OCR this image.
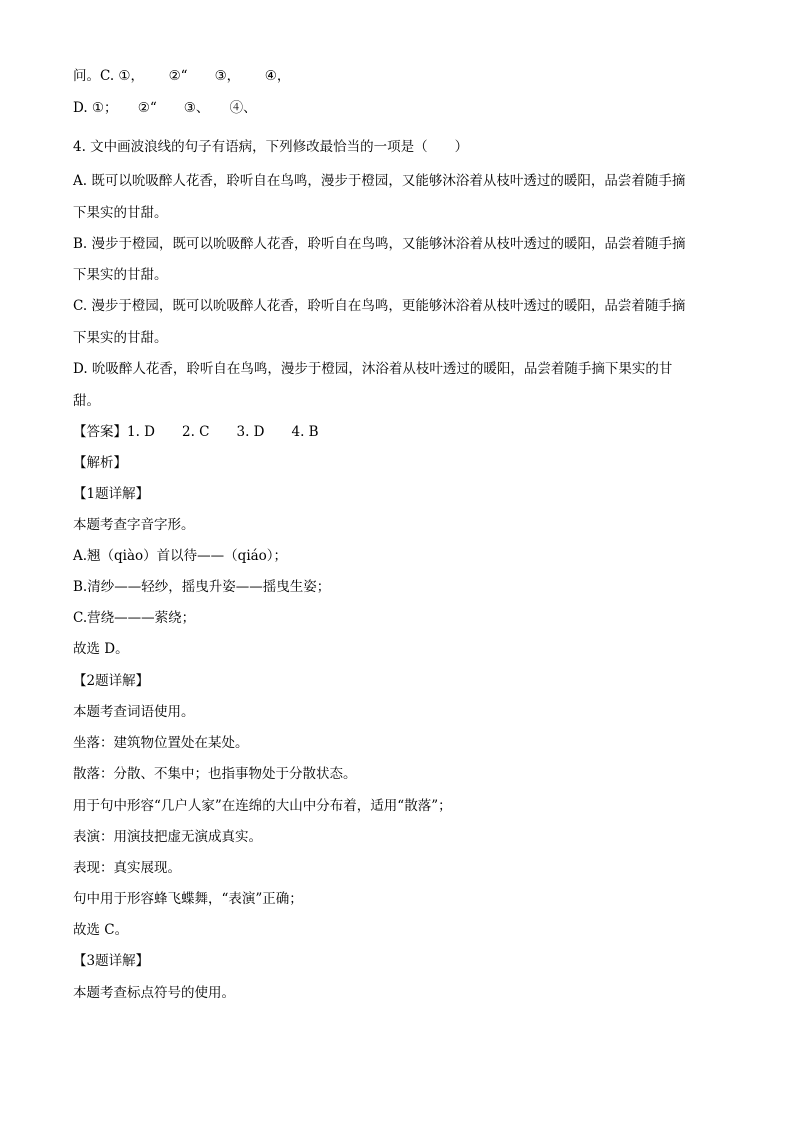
问。C. ①，　　 ②“　　③，　　 ④，
D. ①；　　②“　　③、　　④、
4. 文中画波浪线的句子有语病，下列修改最恰当的一项是（　　）
A. 既可以吮吸醉人花香，聆听自在鸟鸣，漫步于橙园，又能够沐浴着从枝叶透过的暖阳，品尝着随手摘
下果实的甘甜。
B. 漫步于橙园，既可以吮吸醉人花香，聆听自在鸟鸣，又能够沐浴着从枝叶透过的暖阳，品尝着随手摘
下果实的甘甜。
C. 漫步于橙园，既可以吮吸醉人花香，聆听自在鸟鸣，更能够沐浴着从枝叶透过的暖阳，品尝着随手摘
下果实的甘甜。
D. 吮吸醉人花香，聆听自在鸟鸣，漫步于橙园，沐浴着从枝叶透过的暖阳，品尝着随手摘下果实的甘
甜。
【答案】1. D　　2. C　　3. D　　4. B
【解析】
【1题详解】
本题考查字音字形。
A.翘（qiào）首以待——（qiáo）；
B.清纱——轻纱，摇曳升姿——摇曳生姿；
C.营绕———萦绕；
故选 D。
【2题详解】
本题考查词语使用。
坐落：建筑物位置处在某处。
散落：分散、不集中；也指事物处于分散状态。
用于句中形容“几户人家”在连绵的大山中分布着，适用“散落”；
表演：用演技把虚无演成真实。
表现：真实展现。
句中用于形容蜂飞蝶舞，“表演”正确；
故选 C。
【3题详解】
本题考查标点符号的使用。
